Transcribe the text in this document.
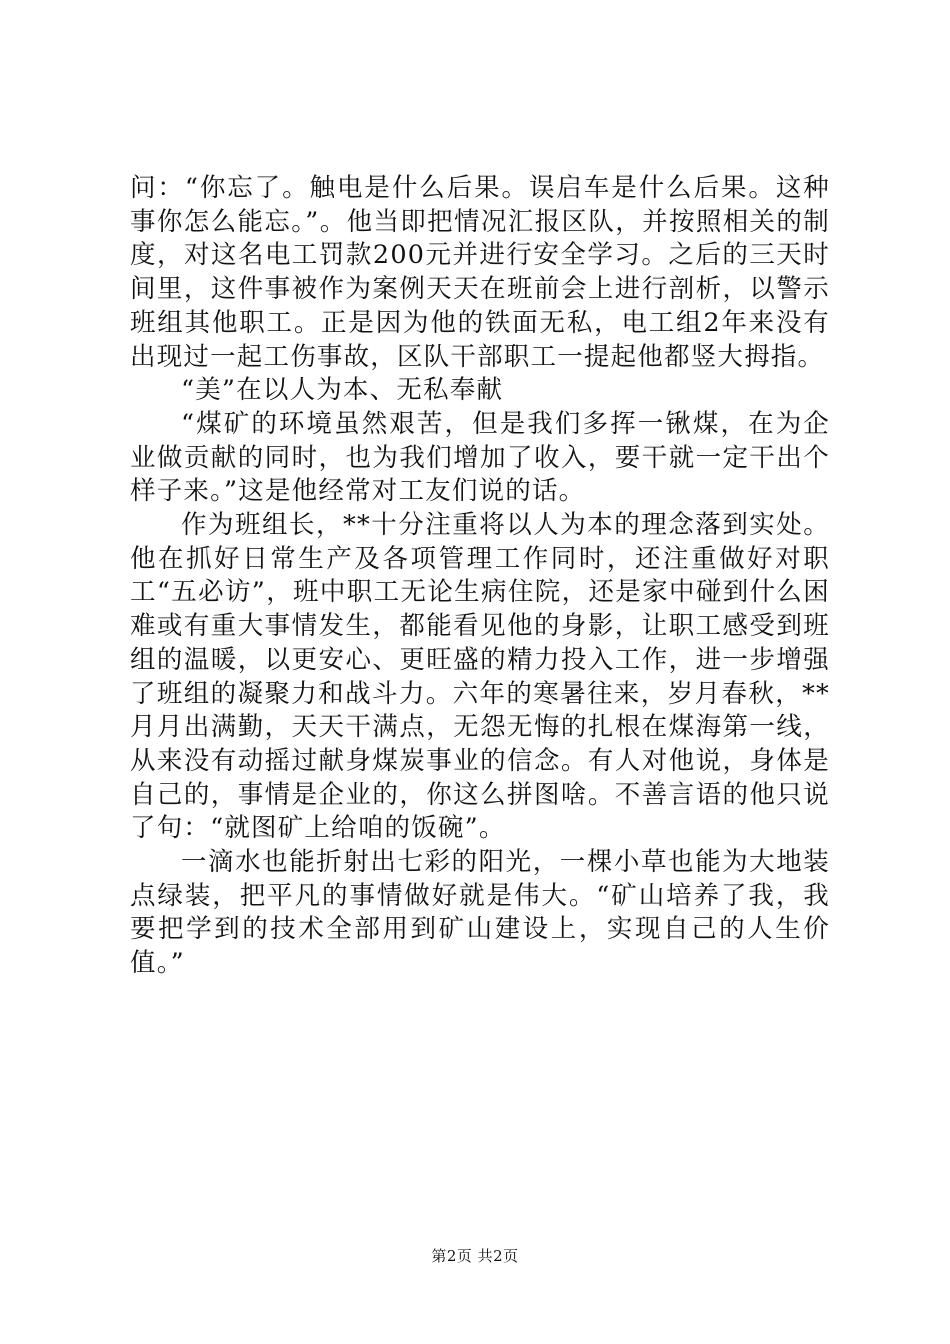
问：“你忘了。触电是什么后果。误启车是什么后果。这种事你怎么能忘。”。他当即把情况汇报区队，并按照相关的制度，对这名电工罚款200元并进行安全学习。之后的三天时间里，这件事被作为案例天天在班前会上进行剖析，以警示班组其他职工。正是因为他的铁面无私，电工组2年来没有出现过一起工伤事故，区队干部职工一提起他都竖大拇指。

“美”在以人为本、无私奉献

“煤矿的环境虽然艰苦，但是我们多挥一锹煤，在为企业做贡献的同时，也为我们增加了收入，要干就一定干出个样子来。”这是他经常对工友们说的话。

作为班组长，**十分注重将以人为本的理念落到实处。他在抓好日常生产及各项管理工作同时，还注重做好对职工“五必访”，班中职工无论生病住院，还是家中碰到什么困难或有重大事情发生，都能看见他的身影，让职工感受到班组的温暖，以更安心、更旺盛的精力投入工作，进一步增强了班组的凝聚力和战斗力。六年的寒暑往来，岁月春秋，**月月出满勤，天天干满点，无怨无悔的扎根在煤海第一线，从来没有动摇过献身煤炭事业的信念。有人对他说，身体是自己的，事情是企业的，你这么拼图啥。不善言语的他只说了句：“就图矿上给咱的饭碗”。

一滴水也能折射出七彩的阳光，一棵小草也能为大地装点绿装，把平凡的事情做好就是伟大。“矿山培养了我，我要把学到的技术全部用到矿山建设上，实现自己的人生价值。”

第2页 共2页
